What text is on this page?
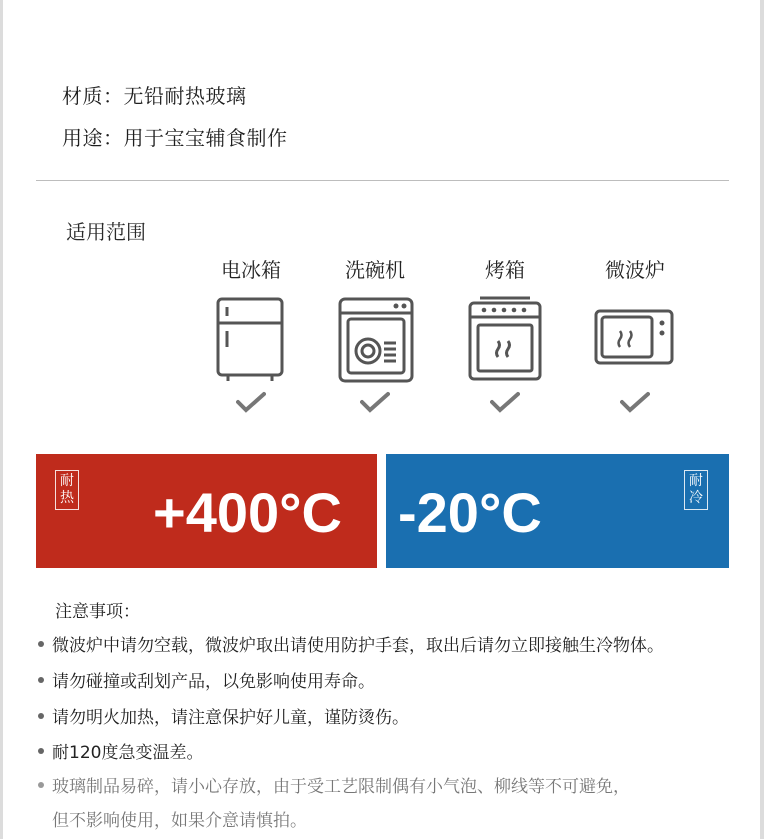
材质：无铅耐热玻璃
用途：用于宝宝辅食制作
适用范围
电冰箱	洗碗机	烤箱	微波炉
耐
热 +400°C	耐
冷
-20°C
注意事项：
微波炉中请勿空载，微波炉取出请使用防护手套，取出后请勿立即接触生冷物体。
请勿碰撞或刮划产品，以免影响使用寿命。
请勿明火加热，请注意保护好儿童，谨防烫伤。
耐120度急变温差。
玻璃制品易碎，请小心存放，由于受工艺限制偶有小气泡、柳线等不可避免，
但不影响使用，如果介意请慎拍。
